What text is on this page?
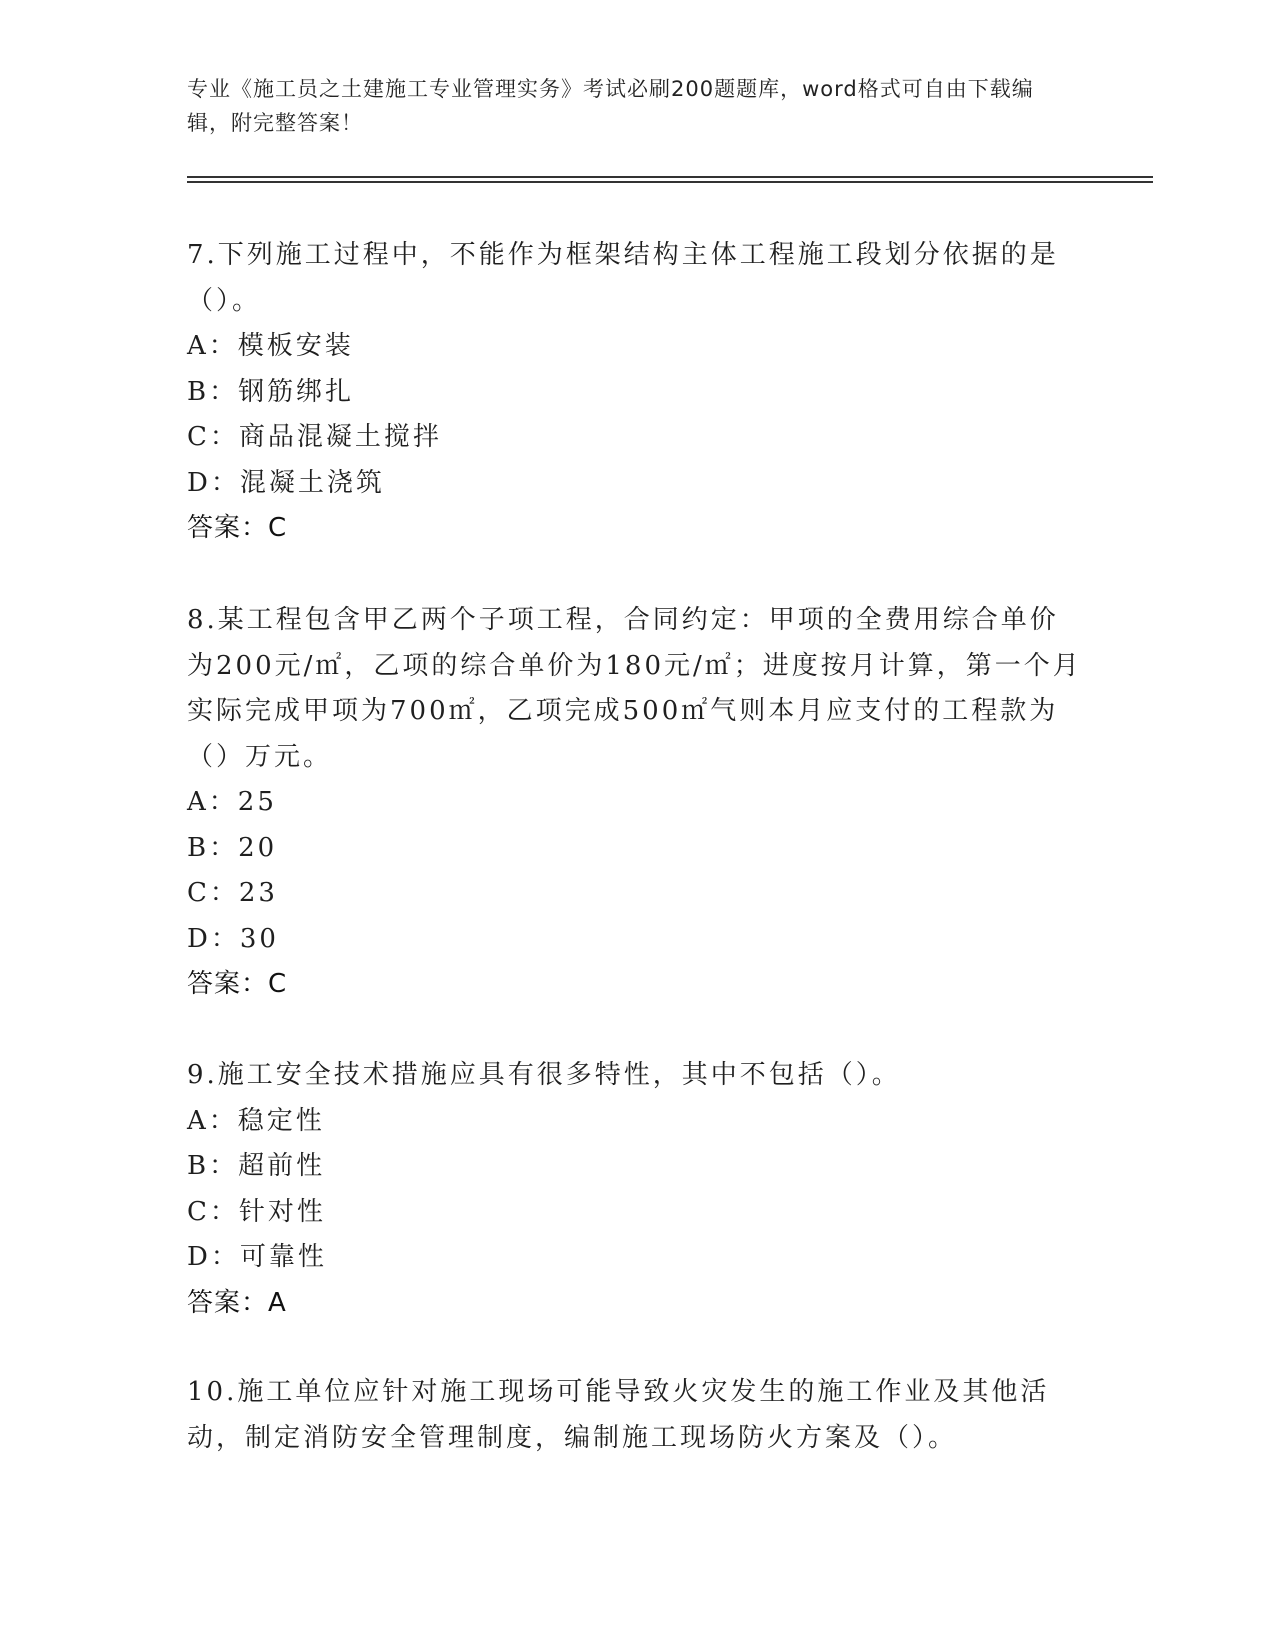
专业《施工员之土建施工专业管理实务》考试必刷200题题库，word格式可自由下载编辑，附完整答案！

7.下列施工过程中，不能作为框架结构主体工程施工段划分依据的是（）。

A：模板安装
B：钢筋绑扎
C：商品混凝土搅拌
D：混凝土浇筑

答案：C

8.某工程包含甲乙两个子项工程，合同约定：甲项的全费用综合单价为200元/㎡，乙项的综合单价为180元/㎡；进度按月计算，第一个月实际完成甲项为700㎡，乙项完成500㎡气则本月应支付的工程款为（）万元。

A：25
B：20
C：23
D：30

答案：C

9.施工安全技术措施应具有很多特性，其中不包括（）。

A：稳定性
B：超前性
C：针对性
D：可靠性

答案：A

10.施工单位应针对施工现场可能导致火灾发生的施工作业及其他活动，制定消防安全管理制度，编制施工现场防火方案及（）。
